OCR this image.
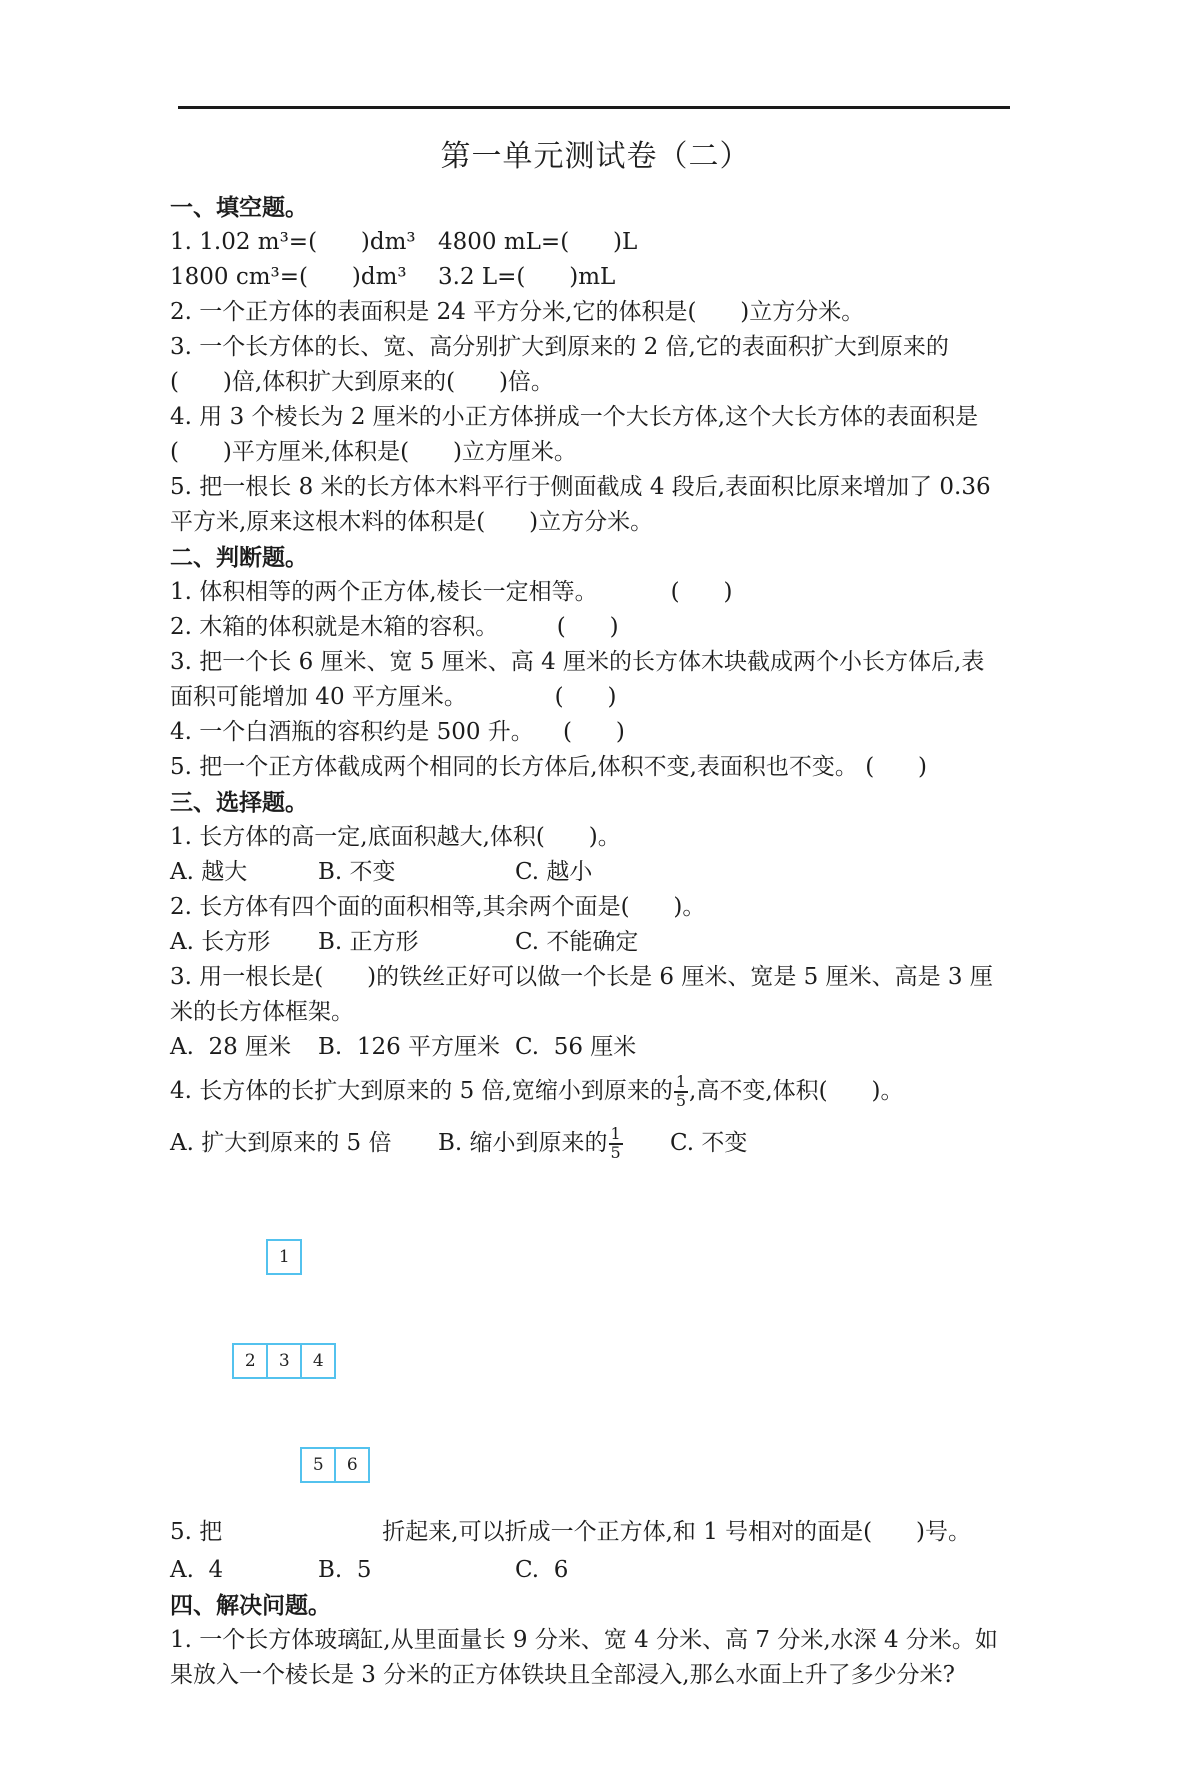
第一单元测试卷（二）
一、填空题。
1. 1.02 m³=(      )dm³ 4800 mL=(      )L
1800 cm³=(      )dm³ 3.2 L=(      )mL
2. 一个正方体的表面积是 24 平方分米,它的体积是(      )立方分米。
3. 一个长方体的长、宽、高分别扩大到原来的 2 倍,它的表面积扩大到原来的
(      )倍,体积扩大到原来的(      )倍。
4. 用 3 个棱长为 2 厘米的小正方体拼成一个大长方体,这个大长方体的表面积是
(      )平方厘米,体积是(      )立方厘米。
5. 把一根长 8 米的长方体木料平行于侧面截成 4 段后,表面积比原来增加了 0.36
平方米,原来这根木料的体积是(      )立方分米。
二、判断题。
1. 体积相等的两个正方体,棱长一定相等。          (      )
2. 木箱的体积就是木箱的容积。        (      )
3. 把一个长 6 厘米、宽 5 厘米、高 4 厘米的长方体木块截成两个小长方体后,表
面积可能增加 40 平方厘米。            (      )
4. 一个白酒瓶的容积约是 500 升。    (      )
5. 把一个正方体截成两个相同的长方体后,体积不变,表面积也不变。 (      )
三、选择题。
1. 长方体的高一定,底面积越大,体积(      )。
A. 越大	B. 不变	C. 越小
2. 长方体有四个面的面积相等,其余两个面是(      )。
A. 长方形 B. 正方形	C. 不能确定
3. 用一根长是(      )的铁丝正好可以做一个长是 6 厘米、宽是 5 厘米、高是 3 厘
米的长方体框架。
A.  28 厘米 B.  126 平方厘米 C.  56 厘米
4. 长方体的长扩大到原来的 5 倍,宽缩小到原来的 $\frac{1}{5}$ ,高不变,体积(      )。
A. 扩大到原来的 5 倍 B. 缩小到原来的 $\frac{1}{5} C$. 不变
5. 把

1

2	3	4

5	6

折起来,可以折成一个正方体,和 1 号相对的面是(      )号。
A.  4	B.  5	C.  6
四、解决问题。
1. 一个长方体玻璃缸,从里面量长 9 分米、宽 4 分米、高 7 分米,水深 4 分米。如
果放入一个棱长是 3 分米的正方体铁块且全部浸入,那么水面上升了多少分米?
